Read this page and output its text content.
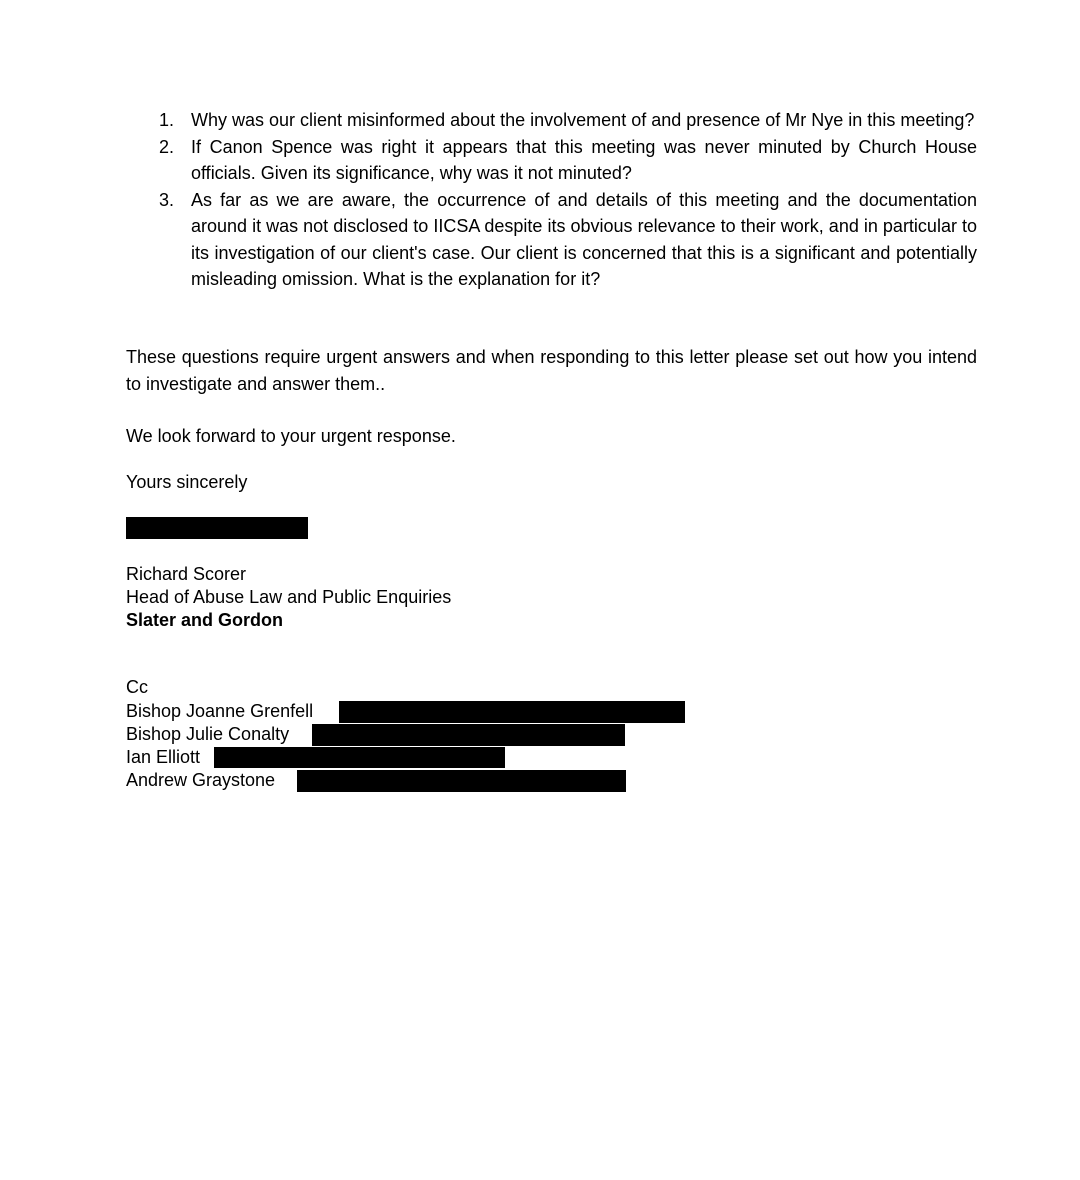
1. Why was our client misinformed about the involvement of and presence of Mr Nye in this meeting?
2. If Canon Spence was right it appears that this meeting was never minuted by Church House officials. Given its significance, why was it not minuted?
3. As far as we are aware, the occurrence of and details of this meeting and the documentation around it was not disclosed to IICSA despite its obvious relevance to their work, and in particular to its investigation of our client's case. Our client is concerned that this is a significant and potentially misleading omission. What is the explanation for it?

These questions require urgent answers and when responding to this letter please set out how you intend to investigate and answer them..

We look forward to your urgent response.
Yours sincerely
Richard Scorer
Head of Abuse Law and Public Enquiries
Slater and Gordon
Cc
Bishop Joanne Grenfell
Bishop Julie Conalty
Ian Elliott
Andrew Graystone
